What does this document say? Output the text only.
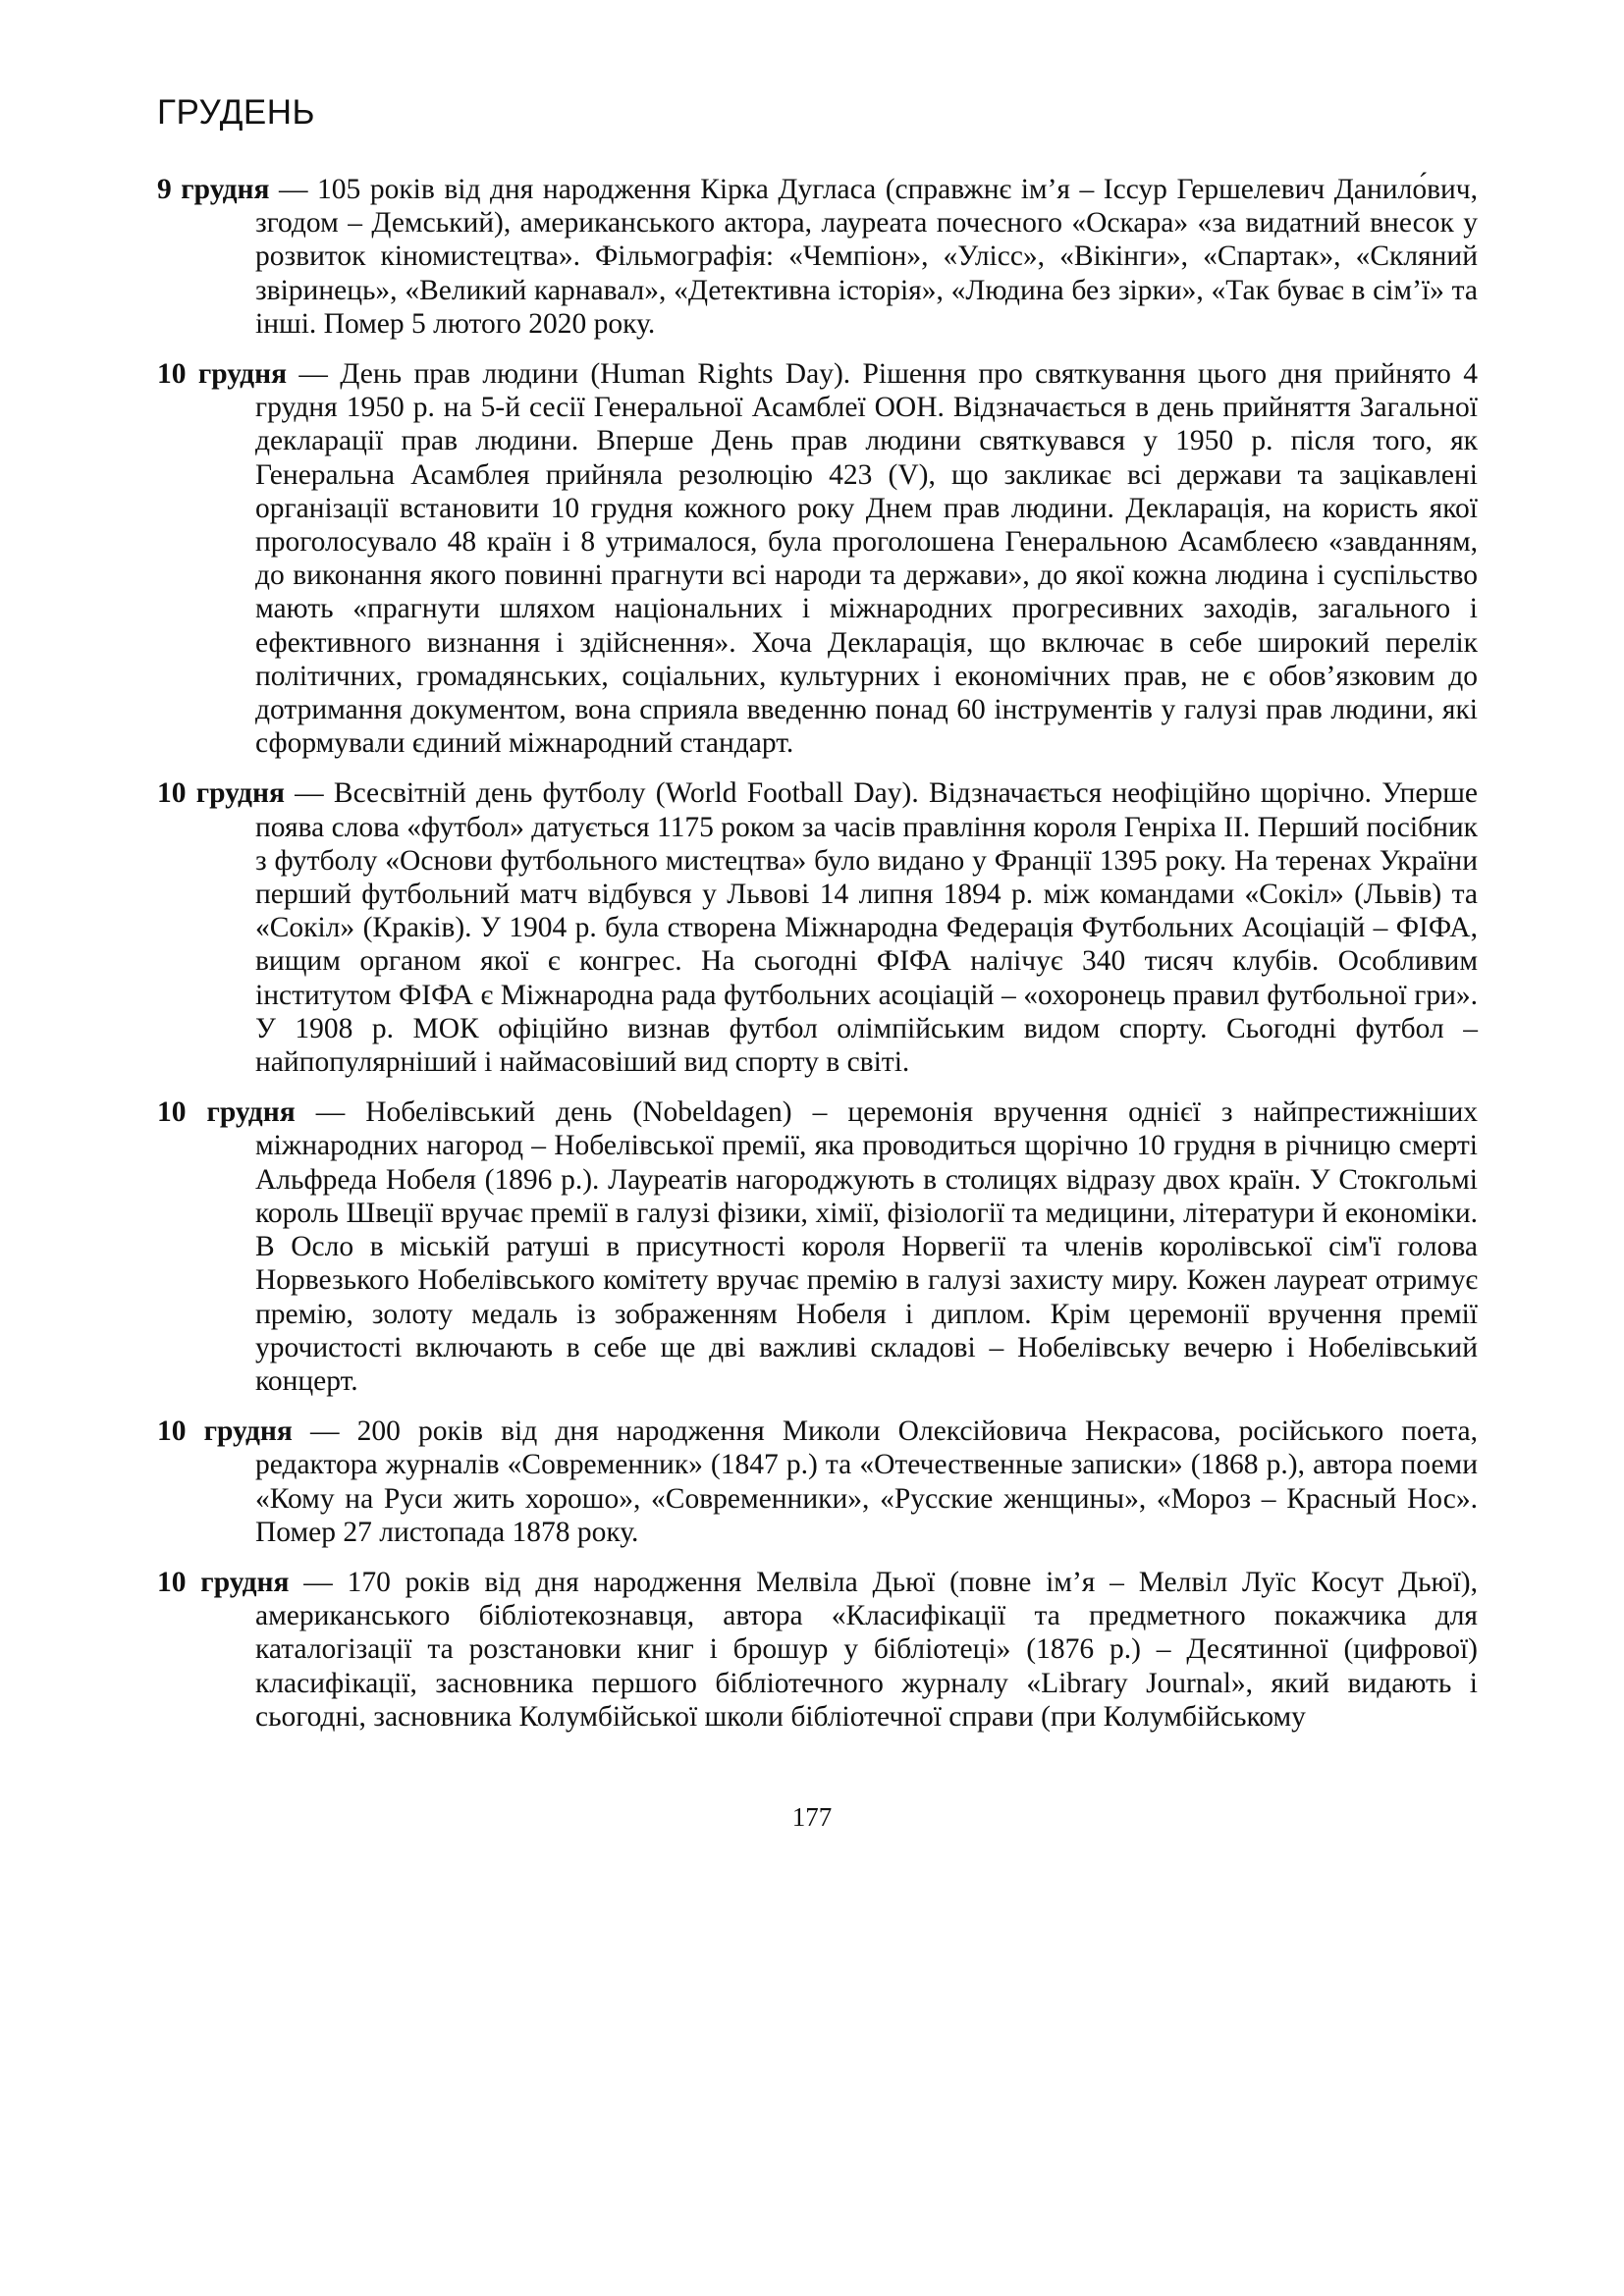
ГРУДЕНЬ

9 грудня — 105 років від дня народження Кірка Дугласа (справжнє ім’я – Іссур Гершелевич Данило́вич, згодом – Демський), американського актора, лауреата почесного «Оскара» «за видатний внесок у розвиток кіномистецтва». Фільмографія: «Чемпіон», «Улісс», «Вікінги», «Спартак», «Скляний звіринець», «Великий карнавал», «Детективна історія», «Людина без зірки», «Так буває в сім’ї» та інші. Помер 5 лютого 2020 року.

10 грудня — День прав людини (Human Rights Day). Рішення про святкування цього дня прийнято 4 грудня 1950 р. на 5-й сесії Генеральної Асамблеї ООН. Відзначається в день прийняття Загальної декларації прав людини. Вперше День прав людини святкувався у 1950 р. після того, як Генеральна Асамблея прийняла резолюцію 423 (V), що закликає всі держави та зацікавлені організації встановити 10 грудня кожного року Днем прав людини. Декларація, на користь якої проголосувало 48 країн і 8 утрималося, була проголошена Генеральною Асамблеєю «завданням, до виконання якого повинні прагнути всі народи та держави», до якої кожна людина і суспільство мають «прагнути шляхом національних і міжнародних прогресивних заходів, загального і ефективного визнання і здійснення». Хоча Декларація, що включає в себе широкий перелік політичних, громадянських, соціальних, культурних і економічних прав, не є обов’язковим до дотримання документом, вона сприяла введенню понад 60 інструментів у галузі прав людини, які сформували єдиний міжнародний стандарт.

10 грудня — Всесвітній день футболу (World Football Day). Відзначається неофіційно щорічно. Уперше поява слова «футбол» датується 1175 роком за часів правління короля Генріха II. Перший посібник з футболу «Основи футбольного мистецтва» було видано у Франції 1395 року. На теренах України перший футбольний матч відбувся у Львові 14 липня 1894 р. між командами «Сокіл» (Львів) та «Сокіл» (Краків). У 1904 р. була створена Міжнародна Федерація Футбольних Асоціацій – ФІФА, вищим органом якої є конгрес. На сьогодні ФІФА налічує 340 тисяч клубів. Особливим інститутом ФІФА є Міжнародна рада футбольних асоціацій – «охоронець правил футбольної гри». У 1908 р. МОК офіційно визнав футбол олімпійським видом спорту. Сьогодні футбол – найпопулярніший і наймасовіший вид спорту в світі.

10 грудня — Нобелівський день (Nobeldagen) – церемонія вручення однієї з найпрестижніших міжнародних нагород – Нобелівської премії, яка проводиться щорічно 10 грудня в річницю смерті Альфреда Нобеля (1896 р.). Лауреатів нагороджують в столицях відразу двох країн. У Стокгольмі король Швеції вручає премії в галузі фізики, хімії, фізіології та медицини, літератури й економіки. В Осло в міській ратуші в присутності короля Норвегії та членів королівської сім'ї голова Норвезького Нобелівського комітету вручає премію в галузі захисту миру. Кожен лауреат отримує премію, золоту медаль із зображенням Нобеля і диплом. Крім церемонії вручення премії урочистості включають в себе ще дві важливі складові – Нобелівську вечерю і Нобелівський концерт.

10 грудня — 200 років від дня народження Миколи Олексійовича Некрасова, російського поета, редактора журналів «Современник» (1847 р.) та «Отечественные записки» (1868 р.), автора поеми «Кому на Руси жить хорошо», «Современники», «Русские женщины», «Мороз – Красный Нос». Помер 27 листопада 1878 року.

10 грудня — 170 років від дня народження Мелвіла Дьюї (повне ім’я – Мелвіл Луїс Косут Дьюї), американського бібліотекознавця, автора «Класифікації та предметного покажчика для каталогізації та розстановки книг і брошур у бібліотеці» (1876 р.) – Десятинної (цифрової) класифікації, засновника першого бібліотечного журналу «Library Journal», який видають і сьогодні, засновника Колумбійської школи бібліотечної справи (при Колумбійському

177
